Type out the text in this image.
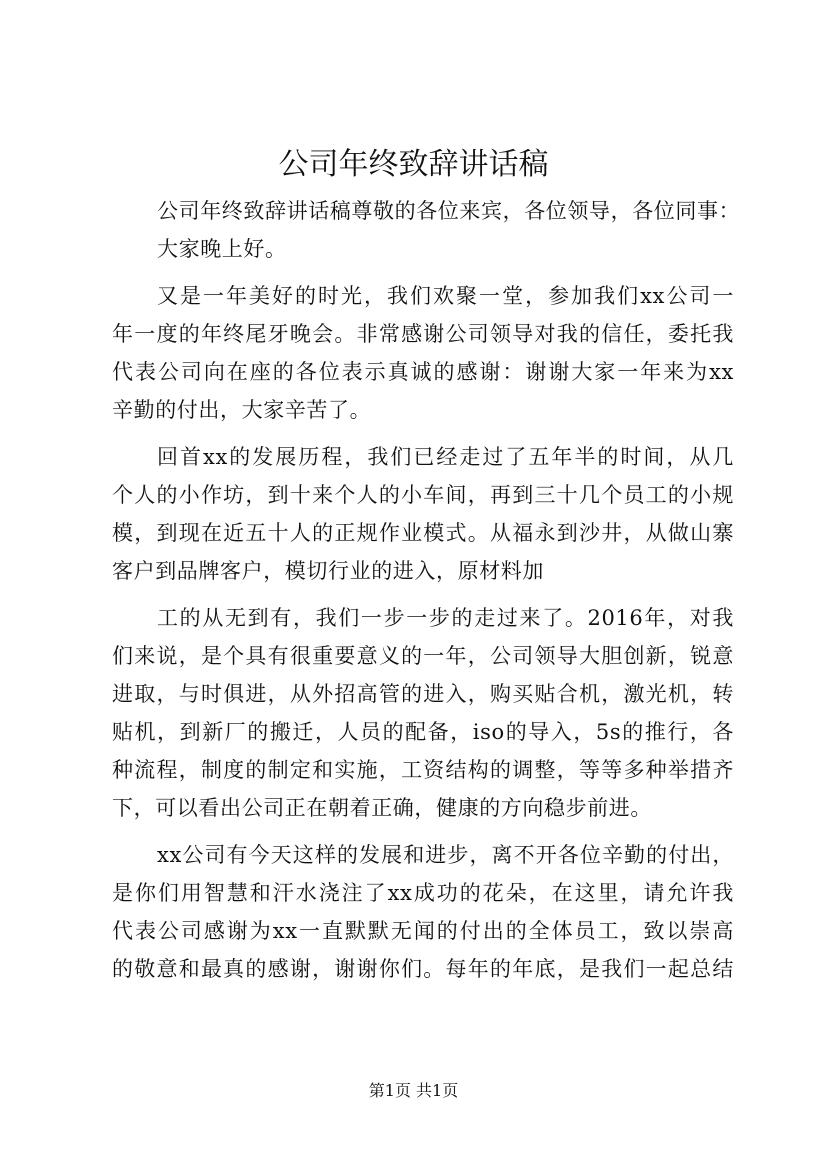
公司年终致辞讲话稿
公司年终致辞讲话稿尊敬的各位来宾，各位领导，各位同事：
大家晚上好。
又是一年美好的时光，我们欢聚一堂，参加我们xx公司一
年一度的年终尾牙晚会。非常感谢公司领导对我的信任，委托我
代表公司向在座的各位表示真诚的感谢：谢谢大家一年来为xx
辛勤的付出，大家辛苦了。
回首xx的发展历程，我们已经走过了五年半的时间，从几
个人的小作坊，到十来个人的小车间，再到三十几个员工的小规
模，到现在近五十人的正规作业模式。从福永到沙井，从做山寨
客户到品牌客户，模切行业的进入，原材料加
工的从无到有，我们一步一步的走过来了。2016年，对我
们来说，是个具有很重要意义的一年，公司领导大胆创新，锐意
进取，与时俱进，从外招高管的进入，购买贴合机，激光机，转
贴机，到新厂的搬迁，人员的配备，iso的导入，5s的推行，各
种流程，制度的制定和实施，工资结构的调整，等等多种举措齐
下，可以看出公司正在朝着正确，健康的方向稳步前进。
xx公司有今天这样的发展和进步，离不开各位辛勤的付出，
是你们用智慧和汗水浇注了xx成功的花朵，在这里，请允许我
代表公司感谢为xx一直默默无闻的付出的全体员工，致以崇高
的敬意和最真的感谢，谢谢你们。每年的年底，是我们一起总结
第1页 共1页
